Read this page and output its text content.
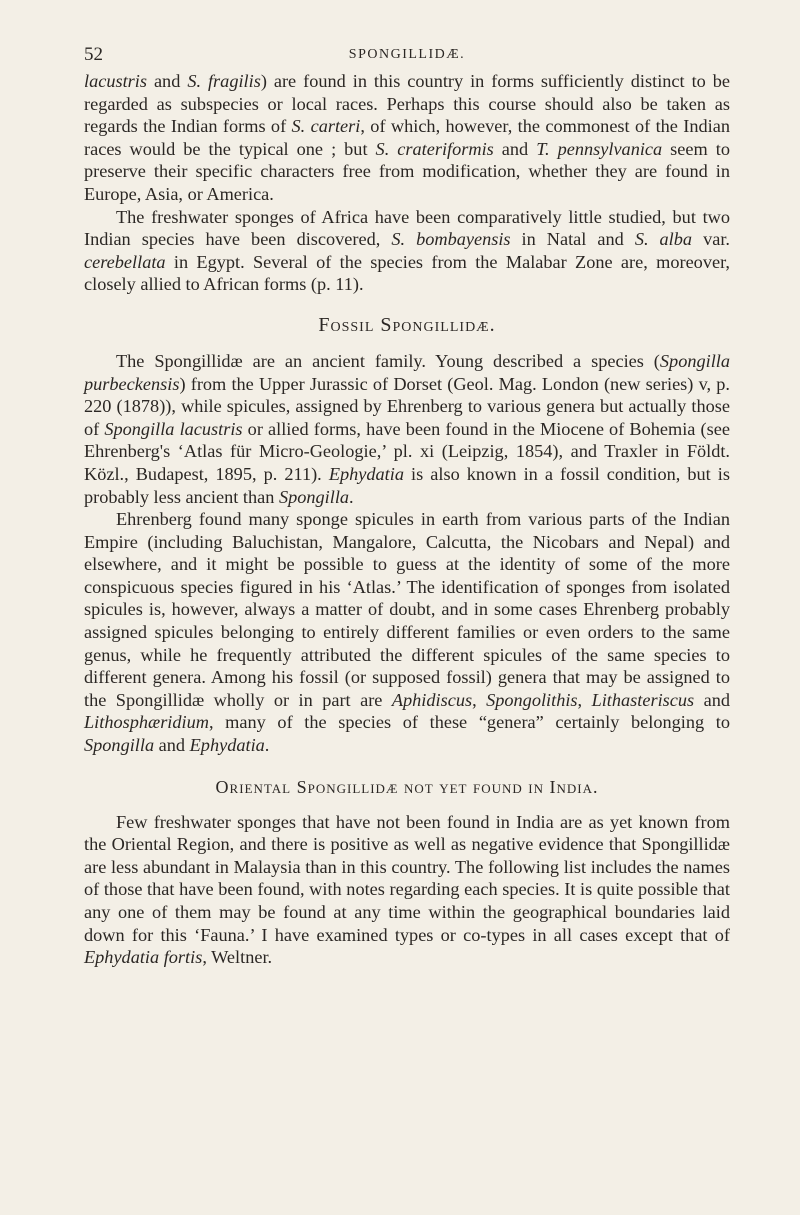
52	SPONGILLIDÆ.

lacustris and S. fragilis) are found in this country in forms sufficiently distinct to be regarded as subspecies or local races. Perhaps this course should also be taken as regards the Indian forms of S. carteri, of which, however, the commonest of the Indian races would be the typical one ; but S. crateriformis and T. pennsylvanica seem to preserve their specific characters free from modification, whether they are found in Europe, Asia, or America.

The freshwater sponges of Africa have been comparatively little studied, but two Indian species have been discovered, S. bombayensis in Natal and S. alba var. cerebellata in Egypt. Several of the species from the Malabar Zone are, moreover, closely allied to African forms (p. 11).

Fossil Spongillidæ.

The Spongillidæ are an ancient family. Young described a species (Spongilla purbeckensis) from the Upper Jurassic of Dorset (Geol. Mag. London (new series) v, p. 220 (1878)), while spicules, assigned by Ehrenberg to various genera but actually those of Spongilla lacustris or allied forms, have been found in the Miocene of Bohemia (see Ehrenberg's ‘Atlas für Micro-Geologie,’ pl. xi (Leipzig, 1854), and Traxler in Földt. Közl., Budapest, 1895, p. 211). Ephydatia is also known in a fossil condition, but is probably less ancient than Spongilla.

Ehrenberg found many sponge spicules in earth from various parts of the Indian Empire (including Baluchistan, Mangalore, Calcutta, the Nicobars and Nepal) and elsewhere, and it might be possible to guess at the identity of some of the more conspicuous species figured in his ‘Atlas.’ The identification of sponges from isolated spicules is, however, always a matter of doubt, and in some cases Ehrenberg probably assigned spicules belonging to entirely different families or even orders to the same genus, while he frequently attributed the different spicules of the same species to different genera. Among his fossil (or supposed fossil) genera that may be assigned to the Spongillidæ wholly or in part are Aphidiscus, Spongolithis, Lithasteriscus and Lithosphæridium, many of the species of these “genera” certainly belonging to Spongilla and Ephydatia.

Oriental Spongillidæ not yet found in India.

Few freshwater sponges that have not been found in India are as yet known from the Oriental Region, and there is positive as well as negative evidence that Spongillidæ are less abundant in Malaysia than in this country. The following list includes the names of those that have been found, with notes regarding each species. It is quite possible that any one of them may be found at any time within the geographical boundaries laid down for this ‘Fauna.’ I have examined types or co-types in all cases except that of Ephydatia fortis, Weltner.
